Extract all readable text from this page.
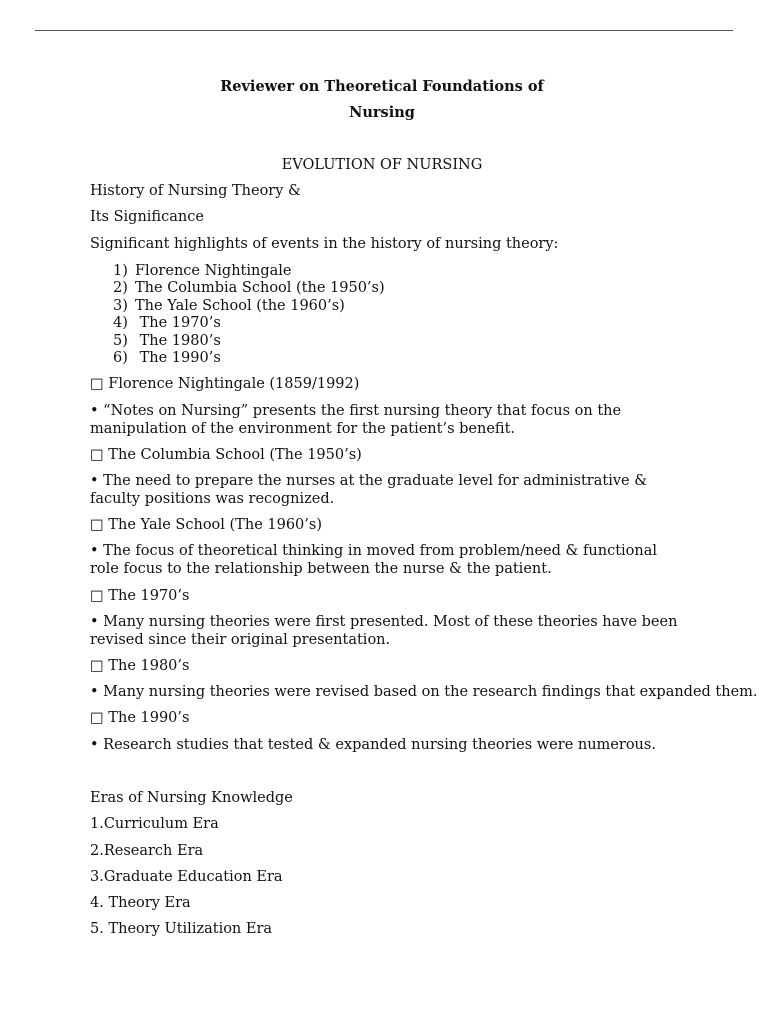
Reviewer on Theoretical Foundations of
Nursing
EVOLUTION OF NURSING
History of Nursing Theory &
Its Significance
Significant highlights of events in the history of nursing theory:
1) Florence Nightingale
2) The Columbia School (the 1950’s)
3) The Yale School (the 1960’s)
4) The 1970’s
5) The 1980’s
6) The 1990’s
□ Florence Nightingale (1859/1992)
• “Notes on Nursing” presents the first nursing theory that focus on the manipulation of the environment for the patient’s benefit.
□ The Columbia School (The 1950’s)
• The need to prepare the nurses at the graduate level for administrative & faculty positions was recognized.
□ The Yale School (The 1960’s)
• The focus of theoretical thinking in moved from problem/need & functional role focus to the relationship between the nurse & the patient.
□ The 1970’s
• Many nursing theories were first presented. Most of these theories have been revised since their original presentation.
□ The 1980’s
• Many nursing theories were revised based on the research findings that expanded them.
□ The 1990’s
• Research studies that tested & expanded nursing theories were numerous.
Eras of Nursing Knowledge
1.Curriculum Era
2.Research Era
3.Graduate Education Era
4. Theory Era
5. Theory Utilization Era
